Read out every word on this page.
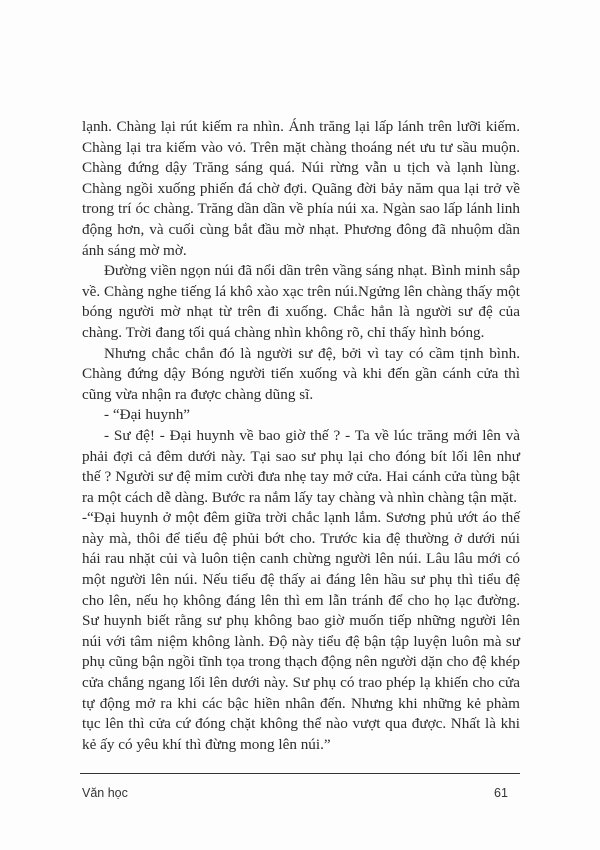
lạnh. Chàng lại rút kiếm ra nhìn. Ánh trăng lại lấp lánh trên lưỡi kiếm. Chàng lại tra kiếm vào vỏ. Trên mặt chàng thoáng nét ưu tư sầu muộn. Chàng đứng dậy Trăng sáng quá. Núi rừng vẫn u tịch và lạnh lùng. Chàng ngồi xuống phiến đá chờ đợi. Quãng đời bảy năm qua lại trở về trong trí óc chàng. Trăng dần dần về phía núi xa. Ngàn sao lấp lánh linh động hơn, và cuối cùng bắt đầu mờ nhạt. Phương đông đã nhuộm dần ánh sáng mờ mờ.

Đường viền ngọn núi đã nổi dần trên vầng sáng nhạt. Bình minh sắp về. Chàng nghe tiếng lá khô xào xạc trên núi.Ngửng lên chàng thấy một bóng người mờ nhạt từ trên đi xuống. Chắc hẳn là người sư đệ của chàng. Trời đang tối quá chàng nhìn không rõ, chỉ thấy hình bóng.

Nhưng chắc chắn đó là người sư đệ, bởi vì tay có cầm tịnh bình. Chàng đứng dậy Bóng người tiến xuống và khi đến gần cánh cửa thì cũng vừa nhận ra được chàng dũng sĩ.

- “Đại huynh”

- Sư đệ! - Đại huynh về bao giờ thế ? - Ta về lúc trăng mới lên và phải đợi cả đêm dưới này. Tại sao sư phụ lại cho đóng bít lối lên như thế ? Người sư đệ mỉm cười đưa nhẹ tay mở cửa. Hai cánh cửa tùng bật ra một cách dễ dàng. Bước ra nắm lấy tay chàng và nhìn chàng tận mặt.

-“Đại huynh ở một đêm giữa trời chắc lạnh lắm. Sương phủ ướt áo thế này mà, thôi để tiểu đệ phủi bớt cho. Trước kia đệ thường ở dưới núi hái rau nhặt củi và luôn tiện canh chừng người lên núi. Lâu lâu mới có một người lên núi. Nếu tiểu đệ thấy ai đáng lên hầu sư phụ thì tiểu đệ cho lên, nếu họ không đáng lên thì em lẫn tránh để cho họ lạc đường. Sư huynh biết rằng sư phụ không bao giờ muốn tiếp những người lên núi với tâm niệm không lành. Độ này tiểu đệ bận tập luyện luôn mà sư phụ cũng bận ngồi tĩnh tọa trong thạch động nên người dặn cho đệ khép cửa chắng ngang lối lên dưới này. Sư phụ có trao phép lạ khiến cho cửa tự động mở ra khi các bậc hiền nhân đến. Nhưng khi những kẻ phàm tục lên thì cửa cứ đóng chặt không thể nào vượt qua được. Nhất là khi kẻ ấy có yêu khí thì đừng mong lên núi.”

Văn học	61
